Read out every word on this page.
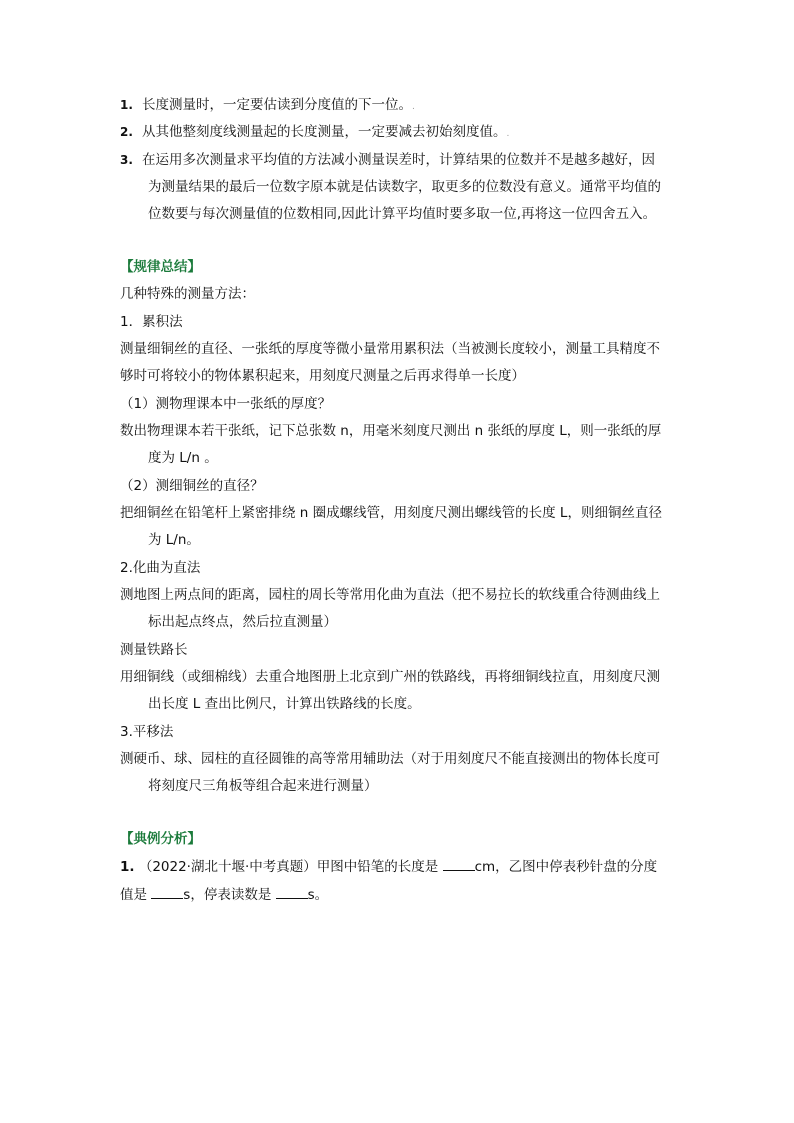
1. 长度测量时，一定要估读到分度值的下一位。.
2. 从其他整刻度线测量起的长度测量，一定要减去初始刻度值。.
3. 在运用多次测量求平均值的方法减小测量误差时，计算结果的位数并不是越多越好，因
为测量结果的最后一位数字原本就是估读数字，取更多的位数没有意义。通常平均值的
位数要与每次测量值的位数相同,因此计算平均值时要多取一位,再将这一位四舍五入。
【规律总结】
几种特殊的测量方法：
1．累积法
测量细铜丝的直径、一张纸的厚度等微小量常用累积法（当被测长度较小，测量工具精度不
够时可将较小的物体累积起来，用刻度尺测量之后再求得单一长度）
（1）测物理课本中一张纸的厚度？
数出物理课本若干张纸，记下总张数 n，用毫米刻度尺测出 n 张纸的厚度 L，则一张纸的厚
度为 L/n 。
（2）测细铜丝的直径？
把细铜丝在铅笔杆上紧密排绕 n 圈成螺线管，用刻度尺测出螺线管的长度 L，则细铜丝直径
为 L/n。
2.化曲为直法
测地图上两点间的距离，园柱的周长等常用化曲为直法（把不易拉长的软线重合待测曲线上
标出起点终点，然后拉直测量）
测量铁路长
用细铜线（或细棉线）去重合地图册上北京到广州的铁路线，再将细铜线拉直，用刻度尺测
出长度 L 查出比例尺，计算出铁路线的长度。
3.平移法
测硬币、球、园柱的直径圆锥的高等常用辅助法（对于用刻度尺不能直接测出的物体长度可
将刻度尺三角板等组合起来进行测量）
【典例分析】
1. （2022·湖北十堰·中考真题）甲图中铅笔的长度是	cm，乙图中停表秒针盘的分度
值是	s，停表读数是	s。
